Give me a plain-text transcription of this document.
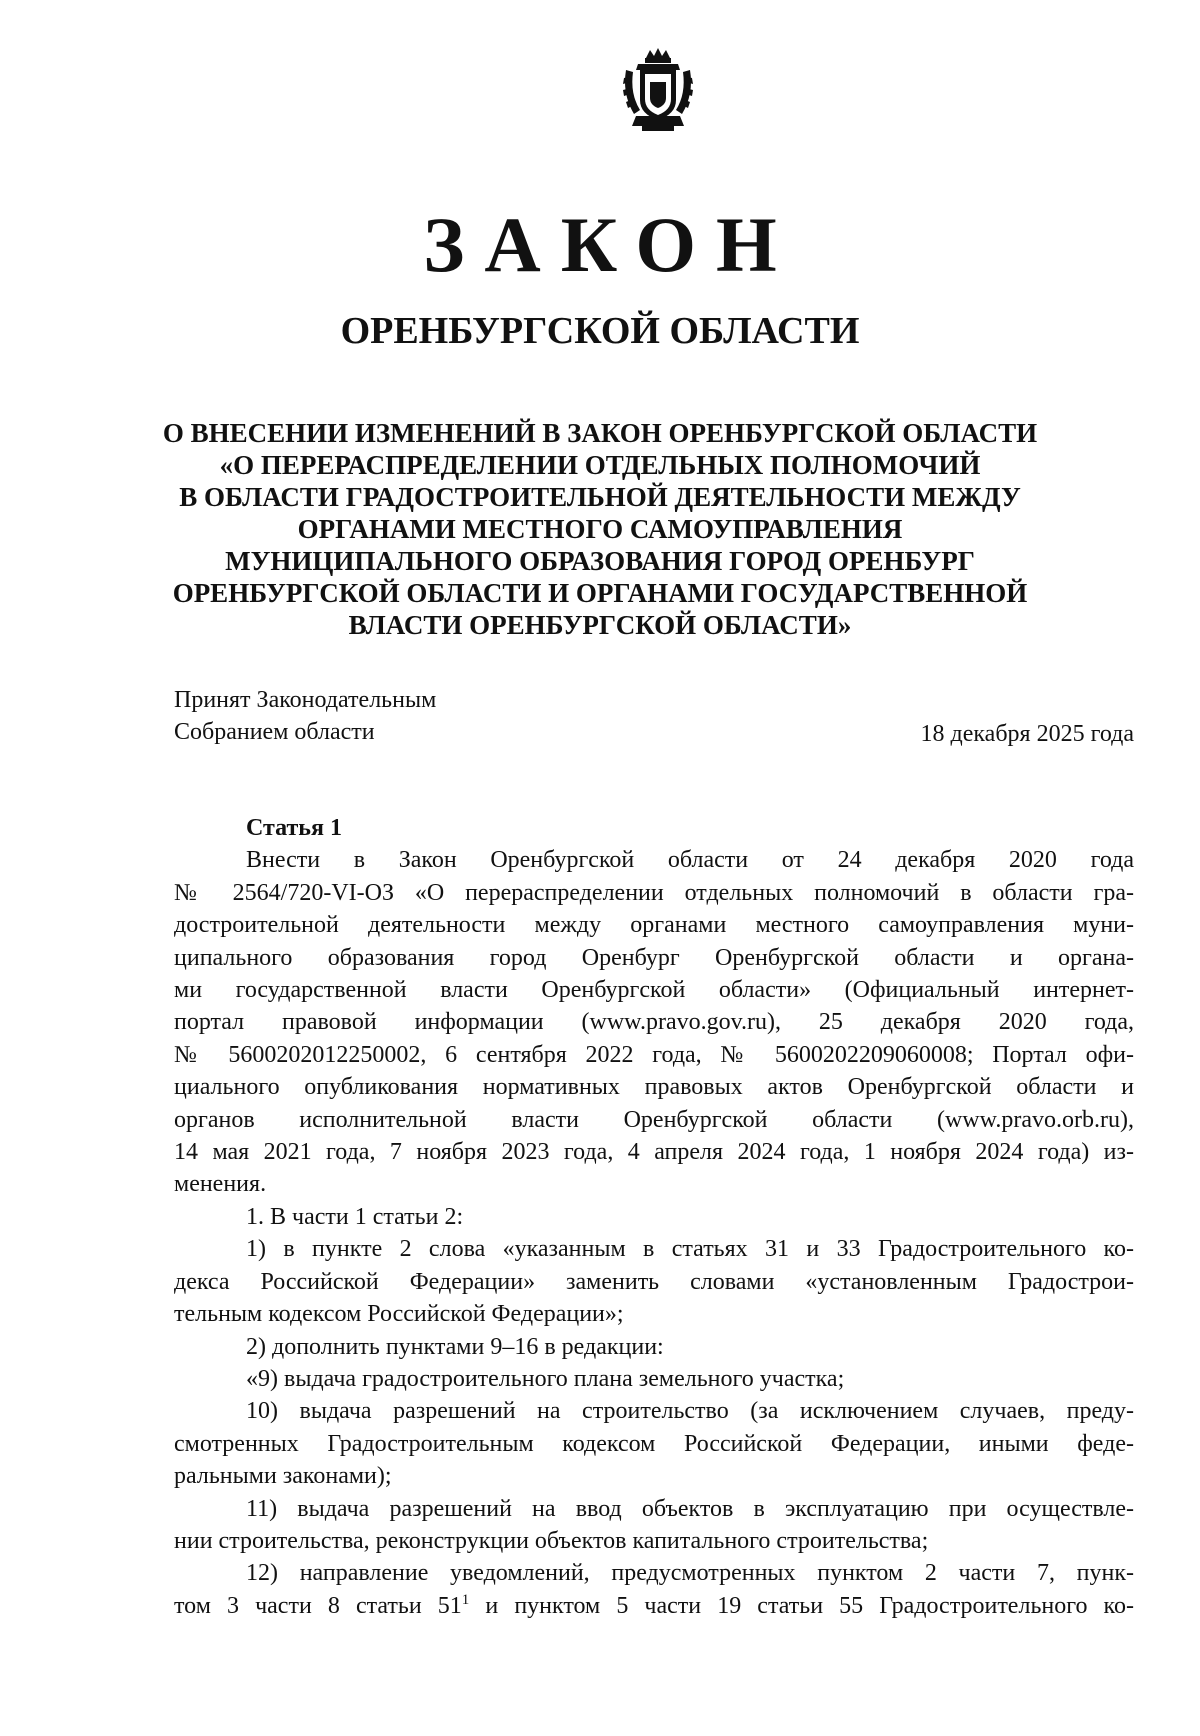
ЗАКОН
ОРЕНБУРГСКОЙ ОБЛАСТИ
О ВНЕСЕНИИ ИЗМЕНЕНИЙ В ЗАКОН ОРЕНБУРГСКОЙ ОБЛАСТИ
«О ПЕРЕРАСПРЕДЕЛЕНИИ ОТДЕЛЬНЫХ ПОЛНОМОЧИЙ
В ОБЛАСТИ ГРАДОСТРОИТЕЛЬНОЙ ДЕЯТЕЛЬНОСТИ МЕЖДУ
ОРГАНАМИ МЕСТНОГО САМОУПРАВЛЕНИЯ
МУНИЦИПАЛЬНОГО ОБРАЗОВАНИЯ ГОРОД ОРЕНБУРГ
ОРЕНБУРГСКОЙ ОБЛАСТИ И ОРГАНАМИ ГОСУДАРСТВЕННОЙ
ВЛАСТИ ОРЕНБУРГСКОЙ ОБЛАСТИ»
Принят Законодательным
Собранием области	18 декабря 2025 года

Статья 1

Внести в Закон Оренбургской области от 24 декабря 2020 года
№ 2564/720-VI-ОЗ «О перераспределении отдельных полномочий в области гра-
достроительной деятельности между органами местного самоуправления муни-
ципального образования город Оренбург Оренбургской области и органа-
ми государственной власти Оренбургской области» (Официальный интернет-
портал правовой информации (www.pravo.gov.ru), 25 декабря 2020 года,
№ 5600202012250002, 6 сентября 2022 года, № 5600202209060008; Портал офи-
циального опубликования нормативных правовых актов Оренбургской области и
органов исполнительной власти Оренбургской области (www.pravo.orb.ru),
14 мая 2021 года, 7 ноября 2023 года, 4 апреля 2024 года, 1 ноября 2024 года) из-
менения.

1. В части 1 статьи 2:

1) в пункте 2 слова «указанным в статьях 31 и 33 Градостроительного ко-
декса Российской Федерации» заменить словами «установленным Градострои-
тельным кодексом Российской Федерации»;

2) дополнить пунктами 9–16 в редакции:

«9) выдача градостроительного плана земельного участка;

10) выдача разрешений на строительство (за исключением случаев, преду-
смотренных Градостроительным кодексом Российской Федерации, иными феде-
ральными законами);

11) выдача разрешений на ввод объектов в эксплуатацию при осуществле-
нии строительства, реконструкции объектов капитального строительства;

12) направление уведомлений, предусмотренных пунктом 2 части 7, пунк-
том 3 части 8 статьи $51^1$ и пунктом 5 части 19 статьи 55 Градостроительного ко-
